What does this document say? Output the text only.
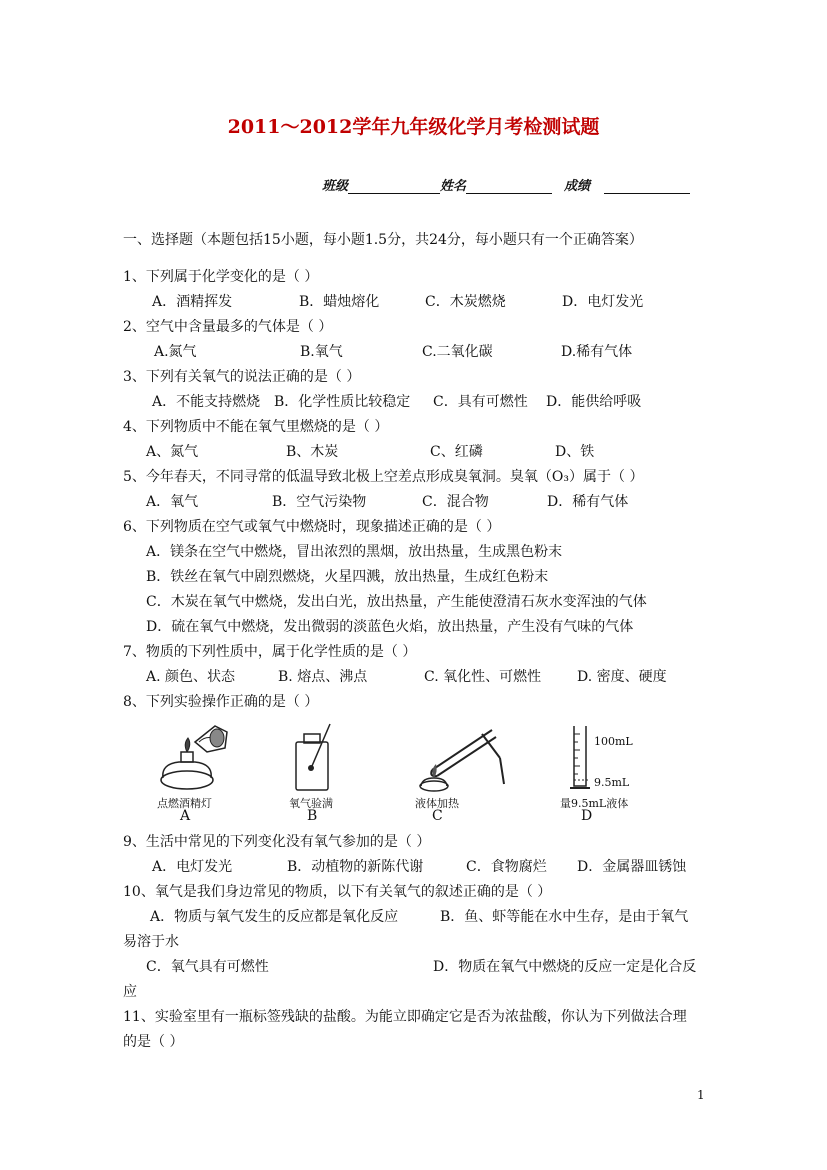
2011～2012学年九年级化学月考检测试题
班级	姓名	成绩
一、选择题（本题包括15小题，每小题1.5分，共24分，每小题只有一个正确答案）
1、下列属于化学变化的是（ ）
A．酒精挥发	B．蜡烛熔化	C．木炭燃烧	D．电灯发光
2、空气中含量最多的气体是（ ）
A.氮气	B.氧气	C.二氧化碳	D.稀有气体
3、下列有关氧气的说法正确的是（ ）
A．不能支持燃烧 B．化学性质比较稳定 C．具有可燃性 D．能供给呼吸
4、下列物质中不能在氧气里燃烧的是（ ）
A、氮气	B、木炭	C、红磷	D、铁
5、今年春天，不同寻常的低温导致北极上空差点形成臭氧洞。臭氧（O₃）属于（ ）
A．氧气	B．空气污染物	C．混合物	D．稀有气体
6、下列物质在空气或氧气中燃烧时，现象描述正确的是（ ）
A．镁条在空气中燃烧，冒出浓烈的黑烟，放出热量，生成黑色粉末
B．铁丝在氧气中剧烈燃烧，火星四溅，放出热量，生成红色粉末
C．木炭在氧气中燃烧，发出白光，放出热量，产生能使澄清石灰水变浑浊的气体
D．硫在氧气中燃烧，发出微弱的淡蓝色火焰，放出热量，产生没有气味的气体
7、物质的下列性质中，属于化学性质的是（ ）
A. 颜色、状态	B. 熔点、沸点	C. 氧化性、可燃性	D. 密度、硬度
8、下列实验操作正确的是（ ）
点燃酒精灯
A
氧气验满
B
液体加热
C
100mL
9.5mL
量9.5mL液体
D
9、生活中常见的下列变化没有氧气参加的是（ ）
A．电灯发光	B．动植物的新陈代谢	C．食物腐烂 D．金属器皿锈蚀
10、氧气是我们身边常见的物质，以下有关氧气的叙述正确的是（ ）
A．物质与氧气发生的反应都是氧化反应	B．鱼、虾等能在水中生存，是由于氧气
易溶于水
C．氧气具有可燃性	D．物质在氧气中燃烧的反应一定是化合反
应
11、实验室里有一瓶标签残缺的盐酸。为能立即确定它是否为浓盐酸，你认为下列做法合理
的是（ ）
1
